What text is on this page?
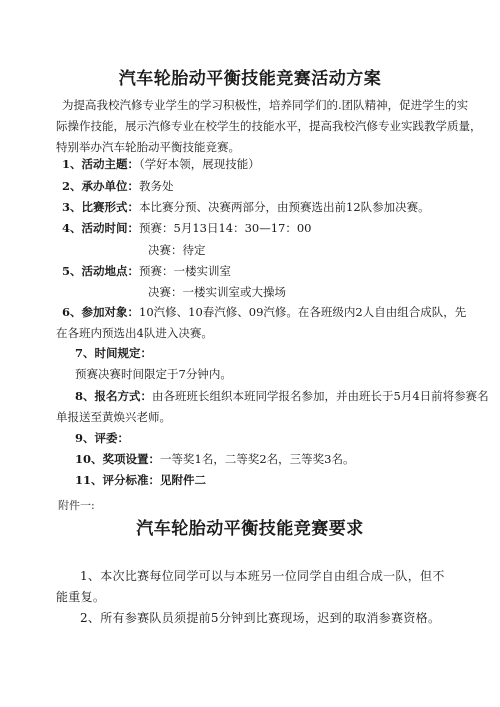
汽车轮胎动平衡技能竞赛活动方案
为提高我校汽修专业学生的学习积极性，培养同学们的.团队精神，促进学生的实
际操作技能，展示汽修专业在校学生的技能水平，提高我校汽修专业实践教学质量，
特别举办汽车轮胎动平衡技能竞赛。
1、活动主题：（学好本领，展现技能）
2、承办单位：教务处
3、比赛形式：本比赛分预、决赛两部分，由预赛选出前12队参加决赛。
4、活动时间：预赛：5月13日14：30—17：00
决赛：待定
5、活动地点：预赛：一楼实训室
决赛：一楼实训室或大操场
6、参加对象：10汽修、10春汽修、09汽修。在各班级内2人自由组合成队，先
在各班内预选出4队进入决赛。
7、时间规定：
预赛决赛时间限定于7分钟内。
8、报名方式：由各班班长组织本班同学报名参加，并由班长于5月4日前将参赛名
单报送至黄焕兴老师。
9、评委：
10、奖项设置：一等奖1名，二等奖2名，三等奖3名。
11、评分标准：见附件二
附件一:
汽车轮胎动平衡技能竞赛要求
1、本次比赛每位同学可以与本班另一位同学自由组合成一队，但不
能重复。
2、所有参赛队员须提前5分钟到比赛现场，迟到的取消参赛资格。
